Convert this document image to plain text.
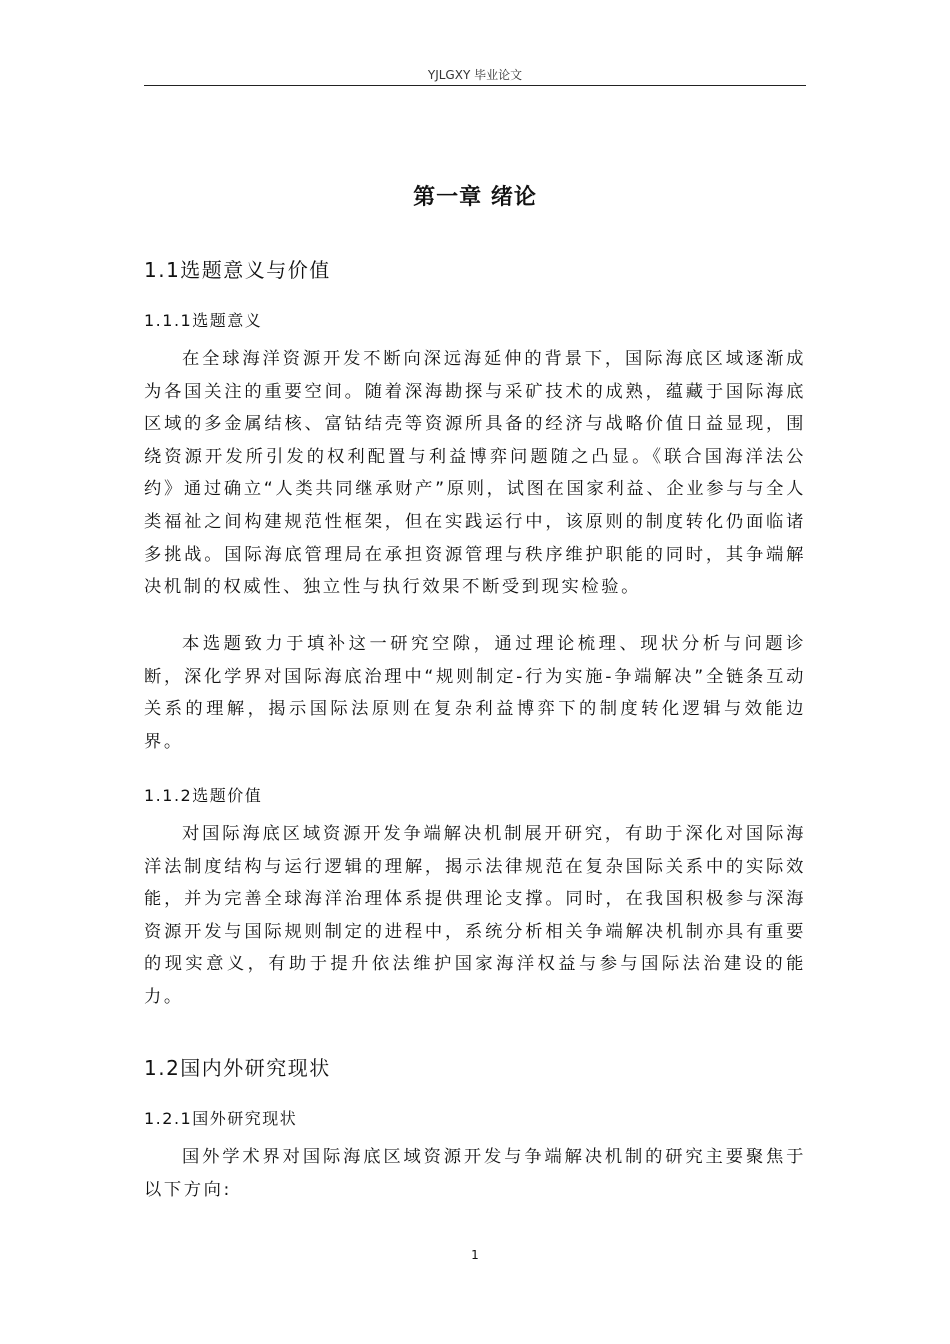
YJLGXY 毕业论文
第一章 绪论
1.1选题意义与价值
1.1.1选题意义

在全球海洋资源开发不断向深远海延伸的背景下，国际海底区域逐渐成为各国关注的重要空间。随着深海勘探与采矿技术的成熟，蕴藏于国际海底区域的多金属结核、富钴结壳等资源所具备的经济与战略价值日益显现，围绕资源开发所引发的权利配置与利益博弈问题随之凸显。《联合国海洋法公约》通过确立“人类共同继承财产”原则，试图在国家利益、企业参与与全人类福祉之间构建规范性框架，但在实践运行中，该原则的制度转化仍面临诸多挑战。国际海底管理局在承担资源管理与秩序维护职能的同时，其争端解决机制的权威性、独立性与执行效果不断受到现实检验。

本选题致力于填补这一研究空隙，通过理论梳理、现状分析与问题诊断，深化学界对国际海底治理中“规则制定-行为实施-争端解决”全链条互动关系的理解，揭示国际法原则在复杂利益博弈下的制度转化逻辑与效能边界。

1.1.2选题价值

对国际海底区域资源开发争端解决机制展开研究，有助于深化对国际海洋法制度结构与运行逻辑的理解，揭示法律规范在复杂国际关系中的实际效能，并为完善全球海洋治理体系提供理论支撑。同时，在我国积极参与深海资源开发与国际规则制定的进程中，系统分析相关争端解决机制亦具有重要的现实意义，有助于提升依法维护国家海洋权益与参与国际法治建设的能力。

1.2国内外研究现状
1.2.1国外研究现状

国外学术界对国际海底区域资源开发与争端解决机制的研究主要聚焦于以下方向:

1
